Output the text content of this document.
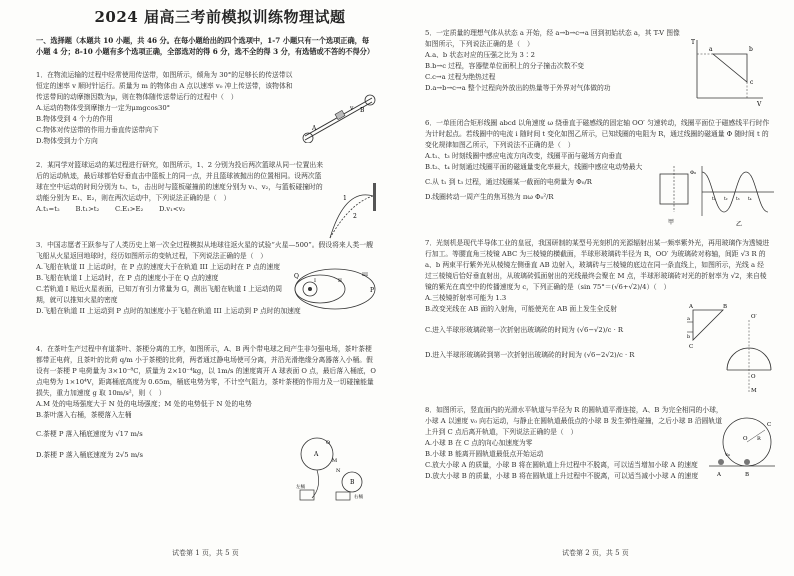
2024 届高三考前模拟训练物理试题
一、选择题（本题共 10 小题，共 46 分。在每小题给出的四个选项中，1-7 小题只有一个选项正确，每小题 4 分；8-10 小题有多个选项正确，全部选对的得 6 分，选不全的得 3 分，有选错或不答的不得分）
1．在物流运输的过程中经常使用传送带，如图所示，倾角为 30°的足够长的传送带以恒定的速率 v 顺时针运行。质量为 m 的物体由 A 点以速率 v₀ 冲上传送带，该物体和传送带间的动摩擦因数为μ，则在物体随传送带运行的过程中（　）
A.运动的物体受到摩擦力一定为μmgcos30°
B.物体受到 4 个力的作用
C.物体对传送带的作用力垂直传送带向下
D.物体受到力个方向
v
A
B
2．某同学对篮球运动的某过程进行研究，如图所示，1、2 分别为投后两次篮球从同一位置出来后的运动轨迹，最后球都恰好垂直击中篮板上的同一点，并且篮球被抛出的位置相同。设两次篮球在空中运动的时间分别为 t₁、t₂，击出时与篮板碰撞前的速度分别为 v₁、v₂，与篮板碰撞时的动能分别为 E₁、E₂，则在两次运动中，下列说法正确的是（　）
A.t₁=t₂　　 B.t₁>t₂　　 C.E₁>E₂　　 D.v₁<v₂
1
2
3．中国志愿者王跃参与了人类历史上第一次全过程模拟从地球往返火星的试验“火星—500”。假设将来人类一艘飞船从火星返回地球时，经历如图所示的变轨过程，下列说法正确的是（　）
A.飞船在轨道 II 上运动时，在 P 点的速度大于在轨道 III 上运动时在 P 点的速度
B.飞船在轨道 I 上运动时，在 P 点的速度小于在 Q 点的速度
C.若轨道 I 贴近火星表面，已知万有引力常量为 G，测出飞船在轨道 I 上运动的周期，就可以推知火星的密度
D.飞船在轨道 II 上运动到 P 点时的加速度小于飞船在轨道 III 上运动到 P 点时的加速度
Q
I	II
III
P
4．在茶叶生产过程中有道茶叶、茶梗分离的工序，如图所示，A、B 两个带电球之间产生非匀强电场，茶叶茶梗都带正电荷，且茶叶的比荷 q/m 小于茶梗的比荷，两者通过静电场使可分离，并沿光滑绝缘分离器落入小桶。假设有一茶梗 P 电荷量为 3×10⁻⁸C，质量为 2×10⁻⁴kg，以 1m/s 的速度离开 A 球表面 O 点，最后落入桶底，O 点电势为 1×10⁴V，距离桶底高度为 0.65m，桶底电势为零，不计空气阻力，茶叶茶梗的作用力及一切碰撞能量损失，重力加速度 g 取 10m/s²，则（　）
A.M 处的电场强度大于 N 处的电场强度；M 处的电势低于 N 处的电势
B.茶叶落入右桶，茶梗落入左桶
C.茶梗 P 落入桶底速度为 √17 m/s
D.茶梗 P 落入桶底速度为 2√5 m/s	A
B
M
N
O
左桶
右桶
试卷第 1 页，共 5 页
5．一定质量的理想气体从状态 a 开始，经 a→b→c→a 回到初始状态 a，其 T-V 图像如图所示，下列说法正确的是（　）
A.a、b 状态对应的压强之比为 3∶2
B.b→c 过程，容器壁单位面积上的分子撞击次数不变
C.c→a 过程为绝热过程
D.a→b→c→a 整个过程向外放出的热量等于外界对气体做的功
T
a	b
c
V
6．一单匝闭合矩形线圈 abcd 以角速度 ω 绕垂直于磁感线的固定轴 OO′ 匀速转动，线圈平面位于磁感线平行时作为计时起点。若线圈中的电流 i 随时间 t 变化如图乙所示，已知线圈的电阻为 R，通过线圈的磁通量 Φ 随时间 t 的变化规律如图乙所示，下列说法不正确的是（　）
A.t₁、t₃ 时刻线圈中感应电流方向改变，线圈平面与磁场方向垂直
B.t₂、t₄ 时刻通过线圈平面的磁通量变化率最大，线圈中感应电动势最大
C.从 t₁ 到 t₃ 过程，通过线圈某一截面的电荷量为 Φ₀/R
D.线圈转动一周产生的焦耳热为 πω Φ₀²/R
甲
Φ₀
t₁ t₂ t₃ t₄
乙
7．光刻机是现代半导体工业的皇冠，我国研制的某型号光刻机的光源辐射出某一频率紫外光，再用玻璃作为透镜进行加工。等腰直角三棱镜 ABC 为三棱镜的横截面，半球形玻璃砖半径为 R，OO′ 为玻璃砖对称轴，间距 √3 R 的 a、b 两束平行紫外光从棱镜左侧垂直 AB 边射入，玻璃砖与三棱镜的底边在同一条直线上，如图所示，光线 a 经过三棱镜后恰好垂直射出，从玻璃砖弧面射出的光线最终会聚在 M 点，半球形玻璃砖对光的折射率为 √2，来自棱镜的紫光在真空中的传播速度为 c，下列正确的是（sin 75°＝(√6+√2)/4）（　）
A.三棱镜折射率可能为 1.3
B.改变光线在 AB 面的入射角，可能使光在 AB 面上发生全反射
C.进入半球形玻璃砖第一次折射出玻璃砖的时间为 (√6−√2)/c · R
D.进入半球形玻璃砖到第一次折射出玻璃砖的时间为 (√6−2√2)/c · R
A	B
C
O
O′
M
a
b
8．如图所示，竖直面内的光滑水平轨道与半径为 R 的圆轨道平滑连接，A、B 为完全相同的小球，小球 A 以速度 v₀ 向右运动，与静止在圆轨道最低点的小球 B 发生弹性碰撞，之后小球 B 沿圆轨道上升到 C 点后离开轨道，下列说法正确的是（　）
A.小球 B 在 C 点的向心加速度为零
B.小球 B 能离开圆轨道最低点开始运动
C.放大小球 A 的质量，小球 B 将在圆轨道上升过程中不脱离，可以适当增加小球 A 的速度
D.放大小球 B 的质量，小球 B 将在圆轨道上升过程中不脱离，可以适当减小小球 A 的速度	A	B
C
O R
v₀
试卷第 2 页，共 5 页
